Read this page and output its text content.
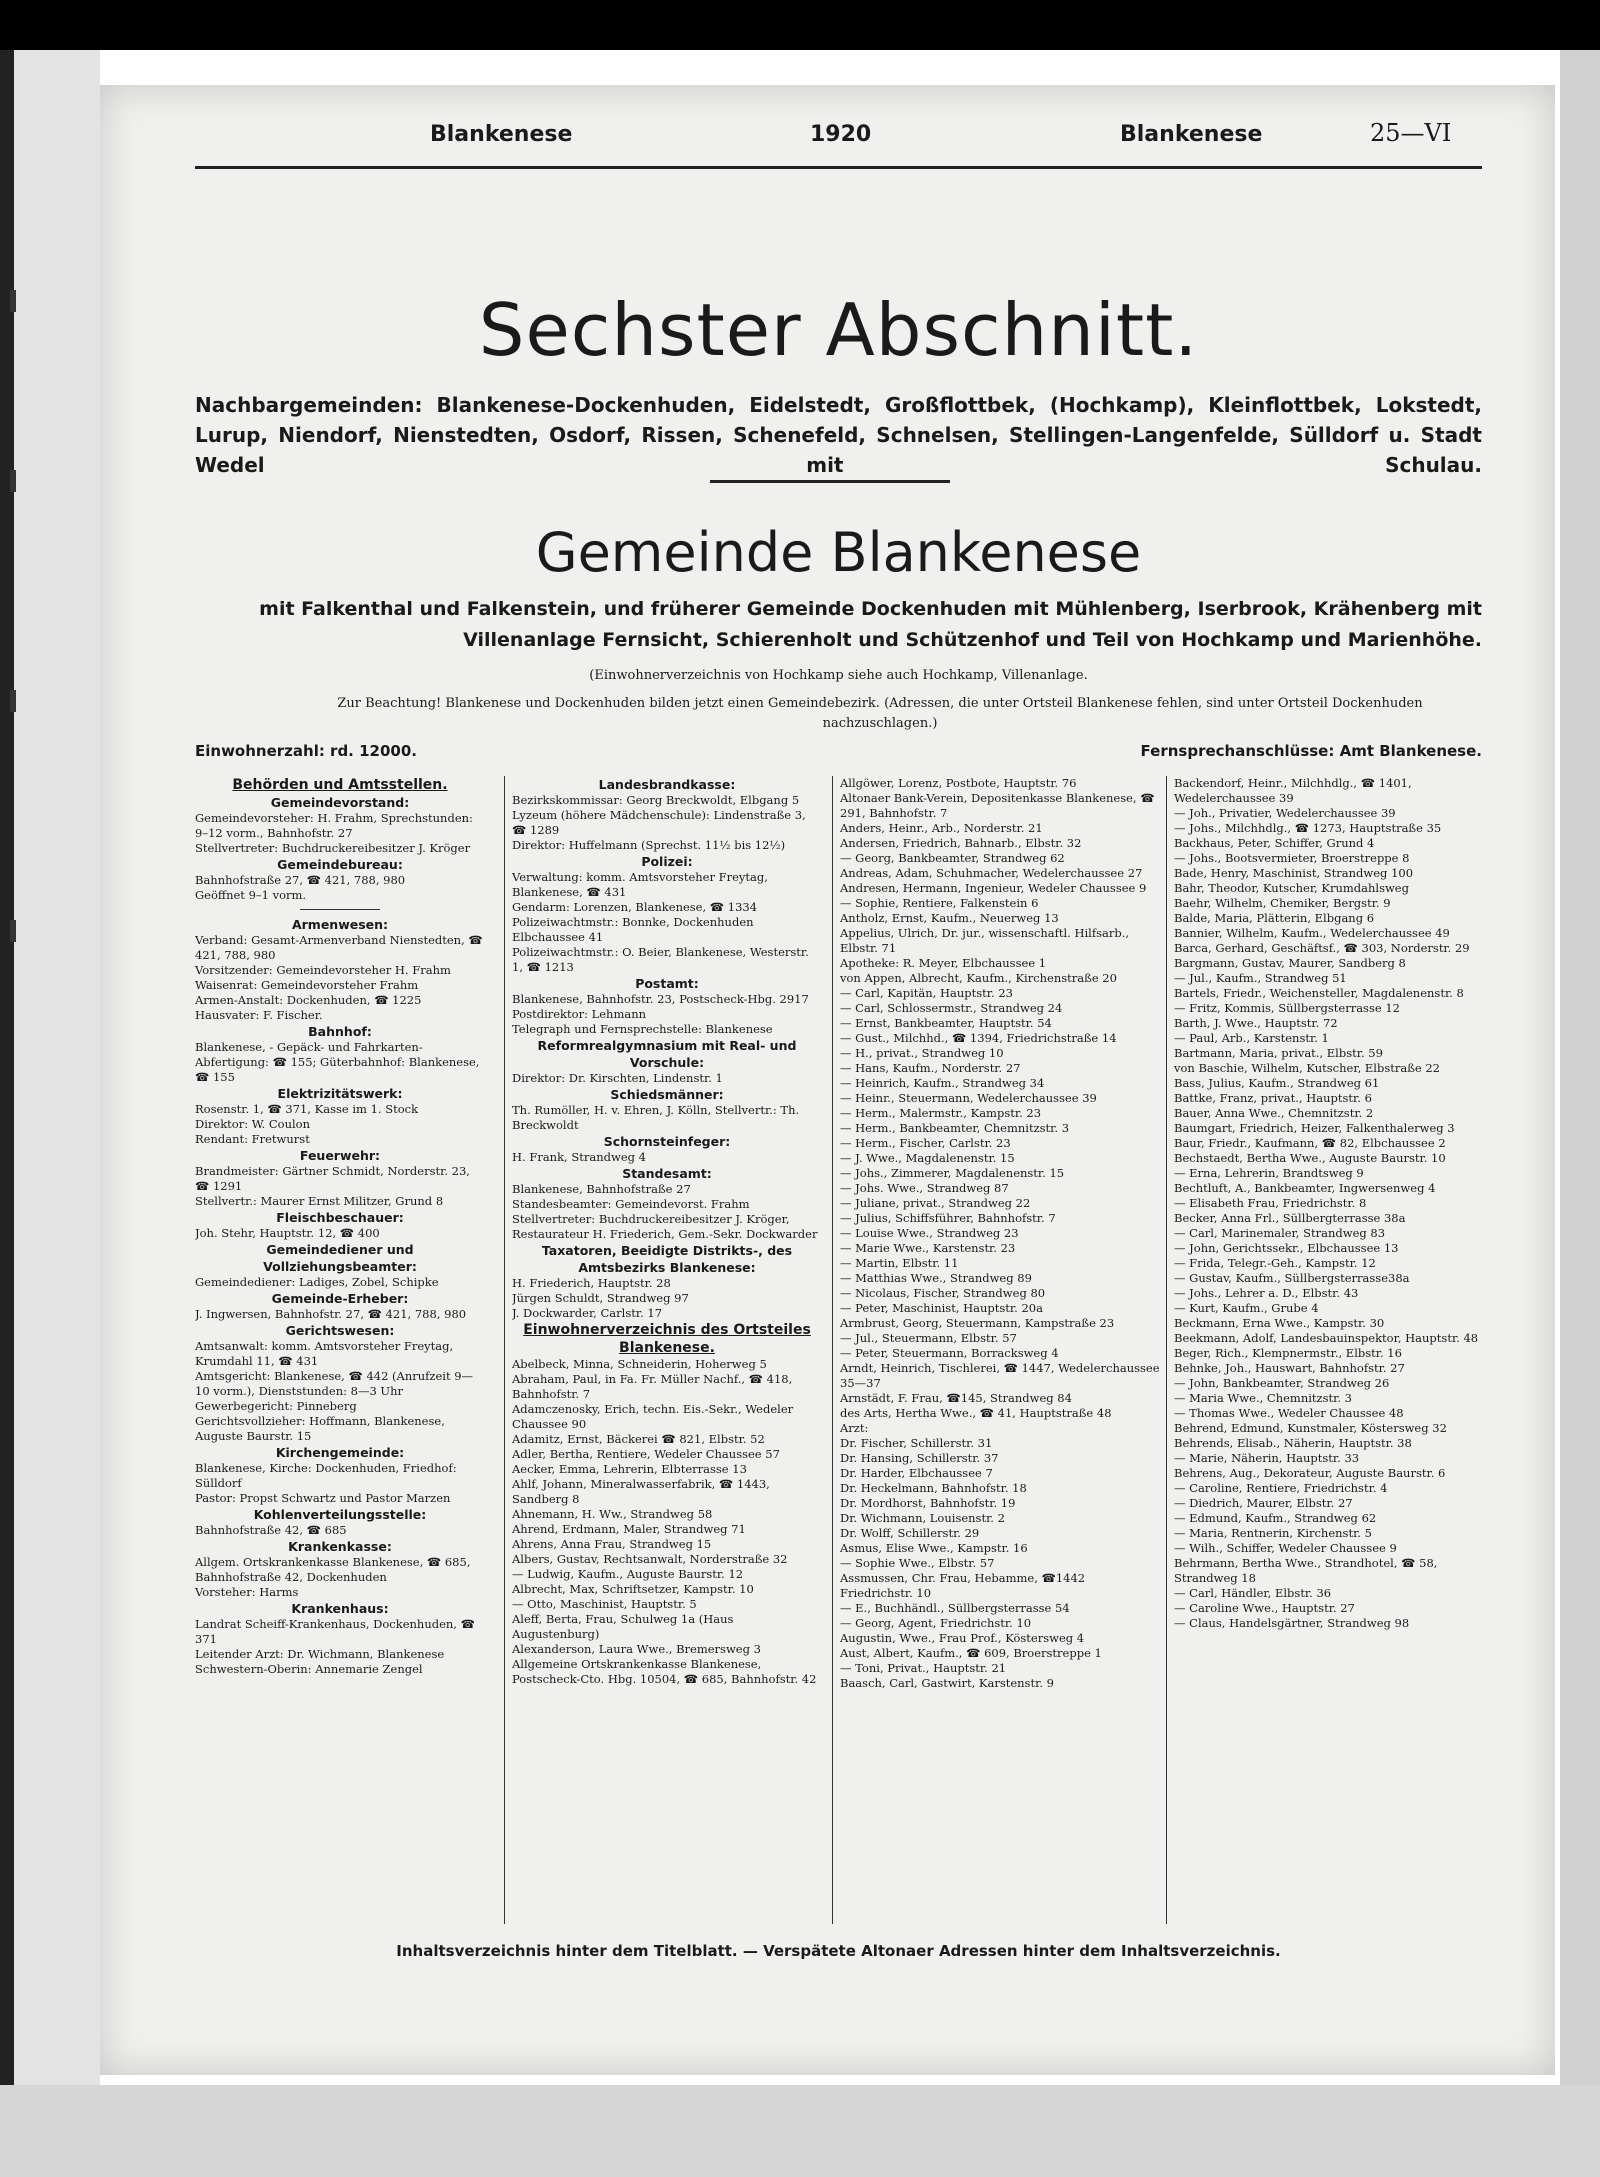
Blankenese	1920	Blankenese	25—VI
Sechster Abschnitt.
Nachbargemeinden: Blankenese-Dockenhuden, Eidelstedt, Großflottbek, (Hochkamp), Kleinflottbek, Lokstedt, Lurup, Niendorf, Nienstedten, Osdorf, Rissen, Schenefeld, Schnelsen, Stellingen-Langenfelde, Sülldorf u. Stadt Wedel mit Schulau.
Gemeinde Blankenese
mit Falkenthal und Falkenstein, und früherer Gemeinde Dockenhuden mit Mühlenberg, Iserbrook, Krähenberg mit Villenanlage Fernsicht, Schierenholt und Schützenhof und Teil von Hochkamp und Marienhöhe.
(Einwohnerverzeichnis von Hochkamp siehe auch Hochkamp, Villenanlage.
Zur Beachtung! Blankenese und Dockenhuden bilden jetzt einen Gemeindebezirk. (Adressen, die unter Ortsteil Blankenese fehlen, sind unter Ortsteil Dockenhuden nachzuschlagen.)
Einwohnerzahl: rd. 12000.	Fernsprechanschlüsse: Amt Blankenese.
Behörden und Amtsstellen.
Gemeindevorstand:

Gemeindevorsteher: H. Frahm, Sprechstunden: 9–12 vorm., Bahnhofstr. 27

Stellvertreter: Buchdruckereibesitzer J. Kröger

Gemeindebureau:

Bahnhofstraße 27, ☎ 421, 788, 980

Geöffnet 9–1 vorm.

Armenwesen:

Verband: Gesamt-Armenverband Nienstedten, ☎ 421, 788, 980

Vorsitzender: Gemeindevorsteher H. Frahm

Waisenrat: Gemeindevorsteher Frahm

Armen-Anstalt: Dockenhuden, ☎ 1225

Hausvater: F. Fischer.

Bahnhof:

Blankenese, - Gepäck- und Fahrkarten-Abfertigung: ☎ 155; Güterbahnhof: Blankenese, ☎ 155

Elektrizitätswerk:

Rosenstr. 1, ☎ 371, Kasse im 1. Stock

Direktor: W. Coulon

Rendant: Fretwurst

Feuerwehr:

Brandmeister: Gärtner Schmidt, Norderstr. 23, ☎ 1291

Stellvertr.: Maurer Ernst Militzer, Grund 8

Fleischbeschauer:

Joh. Stehr, Hauptstr. 12, ☎ 400

Gemeindediener und Vollziehungsbeamter:

Gemeindediener: Ladiges, Zobel, Schipke

Gemeinde-Erheber:

J. Ingwersen, Bahnhofstr. 27, ☎ 421, 788, 980

Gerichtswesen:

Amtsanwalt: komm. Amtsvorsteher Freytag, Krumdahl 11, ☎ 431

Amtsgericht: Blankenese, ☎ 442 (Anrufzeit 9—10 vorm.), Dienststunden: 8—3 Uhr

Gewerbegericht: Pinneberg

Gerichtsvollzieher: Hoffmann, Blankenese, Auguste Baurstr. 15

Kirchengemeinde:

Blankenese, Kirche: Dockenhuden, Friedhof: Sülldorf

Pastor: Propst Schwartz und Pastor Marzen

Kohlenverteilungsstelle:

Bahnhofstraße 42, ☎ 685

Krankenkasse:

Allgem. Ortskrankenkasse Blankenese, ☎ 685, Bahnhofstraße 42, Dockenhuden

Vorsteher: Harms

Krankenhaus:

Landrat Scheiff-Krankenhaus, Dockenhuden, ☎ 371

Leitender Arzt: Dr. Wichmann, Blankenese

Schwestern-Oberin: Annemarie Zengel

Landesbrandkasse:

Bezirkskommissar: Georg Breckwoldt, Elbgang 5

Lyzeum (höhere Mädchenschule): Lindenstraße 3, ☎ 1289

Direktor: Huffelmann (Sprechst. 11½ bis 12½)

Polizei:

Verwaltung: komm. Amtsvorsteher Freytag, Blankenese, ☎ 431

Gendarm: Lorenzen, Blankenese, ☎ 1334

Polizeiwachtmstr.: Bonnke, Dockenhuden Elbchaussee 41

Polizeiwachtmstr.: O. Beier, Blankenese, Westerstr. 1, ☎ 1213

Postamt:

Blankenese, Bahnhofstr. 23, Postscheck-Hbg. 2917

Postdirektor: Lehmann

Telegraph und Fernsprechstelle: Blankenese

Reformrealgymnasium mit Real- und Vorschule:

Direktor: Dr. Kirschten, Lindenstr. 1

Schiedsmänner:

Th. Rumöller, H. v. Ehren, J. Kölln, Stellvertr.: Th. Breckwoldt

Schornsteinfeger:

H. Frank, Strandweg 4

Standesamt:

Blankenese, Bahnhofstraße 27

Standesbeamter: Gemeindevorst. Frahm

Stellvertreter: Buchdruckereibesitzer J. Kröger, Restaurateur H. Friederich, Gem.-Sekr. Dockwarder

Taxatoren, Beeidigte Distrikts-, des Amtsbezirks Blankenese:

H. Friederich, Hauptstr. 28

Jürgen Schuldt, Strandweg 97

J. Dockwarder, Carlstr. 17

Einwohnerverzeichnis des Ortsteiles Blankenese.

Abelbeck, Minna, Schneiderin, Hoherweg 5

Abraham, Paul, in Fa. Fr. Müller Nachf., ☎ 418, Bahnhofstr. 7

Adamczenosky, Erich, techn. Eis.-Sekr., Wedeler Chaussee 90

Adamitz, Ernst, Bäckerei ☎ 821, Elbstr. 52

Adler, Bertha, Rentiere, Wedeler Chaussee 57

Aecker, Emma, Lehrerin, Elbterrasse 13

Ahlf, Johann, Mineralwasserfabrik, ☎ 1443, Sandberg 8

Ahnemann, H. Ww., Strandweg 58

Ahrend, Erdmann, Maler, Strandweg 71

Ahrens, Anna Frau, Strandweg 15

Albers, Gustav, Rechtsanwalt, Norderstraße 32

— Ludwig, Kaufm., Auguste Baurstr. 12

Albrecht, Max, Schriftsetzer, Kampstr. 10

— Otto, Maschinist, Hauptstr. 5

Aleff, Berta, Frau, Schulweg 1a (Haus Augustenburg)

Alexanderson, Laura Wwe., Bremersweg 3

Allgemeine Ortskrankenkasse Blankenese, Postscheck-Cto. Hbg. 10504, ☎ 685, Bahnhofstr. 42

Allgöwer, Lorenz, Postbote, Hauptstr. 76

Altonaer Bank-Verein, Depositenkasse Blankenese, ☎ 291, Bahnhofstr. 7

Anders, Heinr., Arb., Norderstr. 21

Andersen, Friedrich, Bahnarb., Elbstr. 32

— Georg, Bankbeamter, Strandweg 62

Andreas, Adam, Schuhmacher, Wedelerchaussee 27

Andresen, Hermann, Ingenieur, Wedeler Chaussee 9

— Sophie, Rentiere, Falkenstein 6

Antholz, Ernst, Kaufm., Neuerweg 13

Appelius, Ulrich, Dr. jur., wissenschaftl. Hilfsarb., Elbstr. 71

Apotheke: R. Meyer, Elbchaussee 1

von Appen, Albrecht, Kaufm., Kirchenstraße 20

— Carl, Kapitän, Hauptstr. 23

— Carl, Schlossermstr., Strandweg 24

— Ernst, Bankbeamter, Hauptstr. 54

— Gust., Milchhd., ☎ 1394, Friedrichstraße 14

— H., privat., Strandweg 10

— Hans, Kaufm., Norderstr. 27

— Heinrich, Kaufm., Strandweg 34

— Heinr., Steuermann, Wedelerchaussee 39

— Herm., Malermstr., Kampstr. 23

— Herm., Bankbeamter, Chemnitzstr. 3

— Herm., Fischer, Carlstr. 23

— J. Wwe., Magdalenenstr. 15

— Johs., Zimmerer, Magdalenenstr. 15

— Johs. Wwe., Strandweg 87

— Juliane, privat., Strandweg 22

— Julius, Schiffsführer, Bahnhofstr. 7

— Louise Wwe., Strandweg 23

— Marie Wwe., Karstenstr. 23

— Martin, Elbstr. 11

— Matthias Wwe., Strandweg 89

— Nicolaus, Fischer, Strandweg 80

— Peter, Maschinist, Hauptstr. 20a

Armbrust, Georg, Steuermann, Kampstraße 23

— Jul., Steuermann, Elbstr. 57

— Peter, Steuermann, Borracksweg 4

Arndt, Heinrich, Tischlerei, ☎ 1447, Wedelerchaussee 35—37

Arnstädt, F. Frau, ☎145, Strandweg 84

des Arts, Hertha Wwe., ☎ 41, Hauptstraße 48

Arzt:

Dr. Fischer, Schillerstr. 31

Dr. Hansing, Schillerstr. 37

Dr. Harder, Elbchaussee 7

Dr. Heckelmann, Bahnhofstr. 18

Dr. Mordhorst, Bahnhofstr. 19

Dr. Wichmann, Louisenstr. 2

Dr. Wolff, Schillerstr. 29

Asmus, Elise Wwe., Kampstr. 16

— Sophie Wwe., Elbstr. 57

Assmussen, Chr. Frau, Hebamme, ☎1442 Friedrichstr. 10

— E., Buchhändl., Süllbergsterrasse 54

— Georg, Agent, Friedrichstr. 10

Augustin, Wwe., Frau Prof., Köstersweg 4

Aust, Albert, Kaufm., ☎ 609, Broerstreppe 1

— Toni, Privat., Hauptstr. 21

Baasch, Carl, Gastwirt, Karstenstr. 9

Backendorf, Heinr., Milchhdlg., ☎ 1401, Wedelerchaussee 39

— Joh., Privatier, Wedelerchaussee 39

— Johs., Milchhdlg., ☎ 1273, Hauptstraße 35

Backhaus, Peter, Schiffer, Grund 4

— Johs., Bootsvermieter, Broerstreppe 8

Bade, Henry, Maschinist, Strandweg 100

Bahr, Theodor, Kutscher, Krumdahlsweg

Baehr, Wilhelm, Chemiker, Bergstr. 9

Balde, Maria, Plätterin, Elbgang 6

Bannier, Wilhelm, Kaufm., Wedelerchaussee 49

Barca, Gerhard, Geschäftsf., ☎ 303, Norderstr. 29

Bargmann, Gustav, Maurer, Sandberg 8

— Jul., Kaufm., Strandweg 51

Bartels, Friedr., Weichensteller, Magdalenenstr. 8

— Fritz, Kommis, Süllbergsterrasse 12

Barth, J. Wwe., Hauptstr. 72

— Paul, Arb., Karstenstr. 1

Bartmann, Maria, privat., Elbstr. 59

von Baschie, Wilhelm, Kutscher, Elbstraße 22

Bass, Julius, Kaufm., Strandweg 61

Battke, Franz, privat., Hauptstr. 6

Bauer, Anna Wwe., Chemnitzstr. 2

Baumgart, Friedrich, Heizer, Falkenthalerweg 3

Baur, Friedr., Kaufmann, ☎ 82, Elbchaussee 2

Bechstaedt, Bertha Wwe., Auguste Baurstr. 10

— Erna, Lehrerin, Brandtsweg 9

Bechtluft, A., Bankbeamter, Ingwersenweg 4

— Elisabeth Frau, Friedrichstr. 8

Becker, Anna Frl., Süllbergterrasse 38a

— Carl, Marinemaler, Strandweg 83

— John, Gerichtssekr., Elbchaussee 13

— Frida, Telegr.-Geh., Kampstr. 12

— Gustav, Kaufm., Süllbergsterrasse38a

— Johs., Lehrer a. D., Elbstr. 43

— Kurt, Kaufm., Grube 4

Beckmann, Erna Wwe., Kampstr. 30

Beekmann, Adolf, Landesbauinspektor, Hauptstr. 48

Beger, Rich., Klempnermstr., Elbstr. 16

Behnke, Joh., Hauswart, Bahnhofstr. 27

— John, Bankbeamter, Strandweg 26

— Maria Wwe., Chemnitzstr. 3

— Thomas Wwe., Wedeler Chaussee 48

Behrend, Edmund, Kunstmaler, Köstersweg 32

Behrends, Elisab., Näherin, Hauptstr. 38

— Marie, Näherin, Hauptstr. 33

Behrens, Aug., Dekorateur, Auguste Baurstr. 6

— Caroline, Rentiere, Friedrichstr. 4

— Diedrich, Maurer, Elbstr. 27

— Edmund, Kaufm., Strandweg 62

— Maria, Rentnerin, Kirchenstr. 5

— Wilh., Schiffer, Wedeler Chaussee 9

Behrmann, Bertha Wwe., Strandhotel, ☎ 58, Strandweg 18

— Carl, Händler, Elbstr. 36

— Caroline Wwe., Hauptstr. 27

— Claus, Handelsgärtner, Strandweg 98

Inhaltsverzeichnis hinter dem Titelblatt. — Verspätete Altonaer Adressen hinter dem Inhaltsverzeichnis.
